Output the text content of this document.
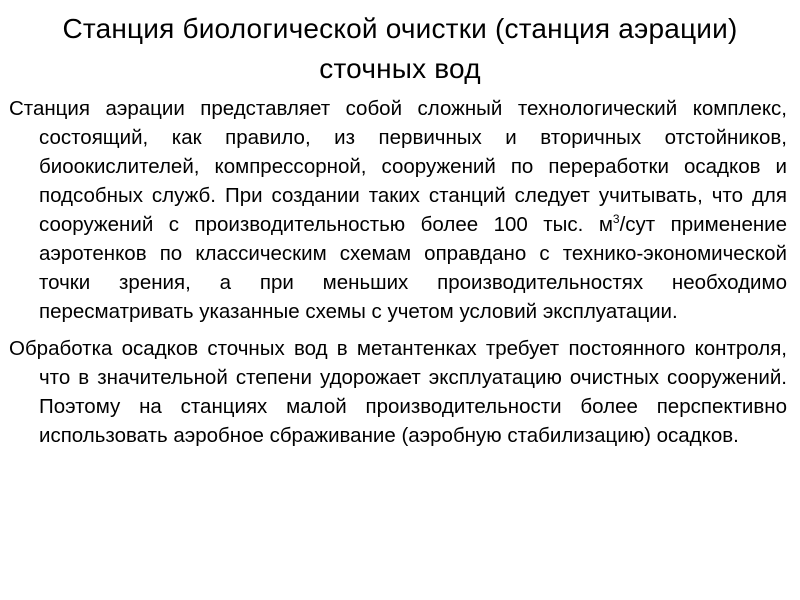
Станция биологической очистки (станция аэрации) сточных вод

Станция аэрации представляет собой сложный технологический комплекс, состоящий, как правило, из первичных и вторичных отстойников, биоокислителей, компрессорной, сооружений по переработки осадков и подсобных служб. При создании таких станций следует учитывать, что для сооружений с производительностью более 100 тыс. $м^3$/сут применение аэротенков по классическим схемам оправдано с технико-экономической точки зрения, а при меньших производительностях необходимо пересматривать указанные схемы с учетом условий эксплуатации.

Обработка осадков сточных вод в метантенках требует постоянного контроля, что в значительной степени удорожает эксплуатацию очистных сооружений. Поэтому на станциях малой производительности более перспективно использовать аэробное сбраживание (аэробную стабилизацию) осадков.
